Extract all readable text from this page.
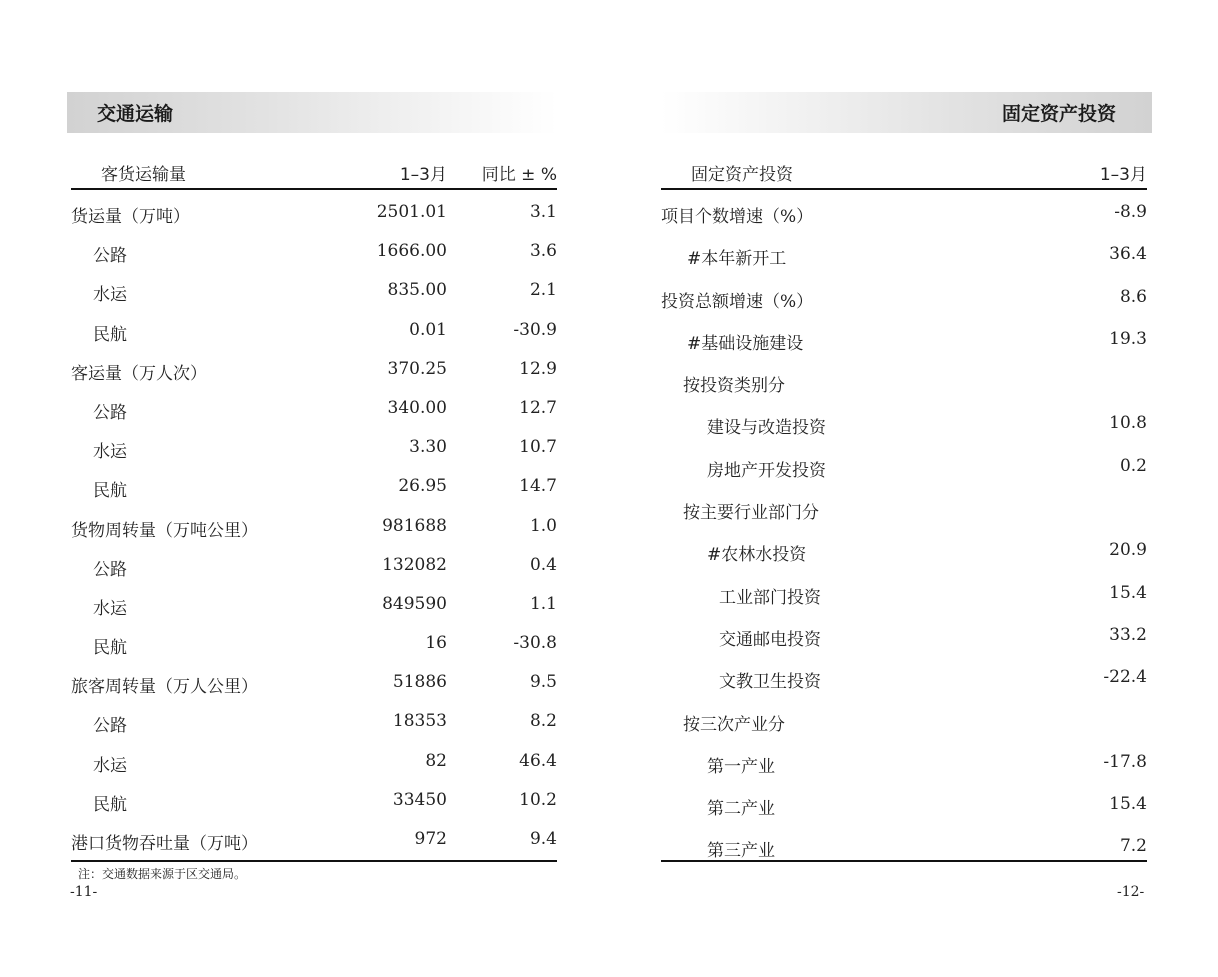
交通运输
客货运输量	1–3月 同比 ± %
货运量（万吨）	2501.01	3.1
公路	1666.00	3.6
水运	835.00	2.1
民航	0.01	-30.9
客运量（万人次）	370.25	12.9
公路	340.00	12.7
水运	3.30	10.7
民航	26.95	14.7
货物周转量（万吨公里）	981688	1.0
公路	132082	0.4
水运	849590	1.1
民航	16	-30.8
旅客周转量（万人公里）	51886	9.5
公路	18353	8.2
水运	82	46.4
民航	33450	10.2
港口货物吞吐量（万吨）	972	9.4
注：交通数据来源于区交通局。
-11-
固定资产投资
固定资产投资	1–3月
项目个数增速（%）	-8.9
#本年新开工	36.4
投资总额增速（%）	8.6
#基础设施建设	19.3
按投资类别分
建设与改造投资	10.8
房地产开发投资	0.2
按主要行业部门分
#农林水投资	20.9
工业部门投资	15.4
交通邮电投资	33.2
文教卫生投资	-22.4
按三次产业分
第一产业	-17.8
第二产业	15.4
第三产业	7.2
-12-
